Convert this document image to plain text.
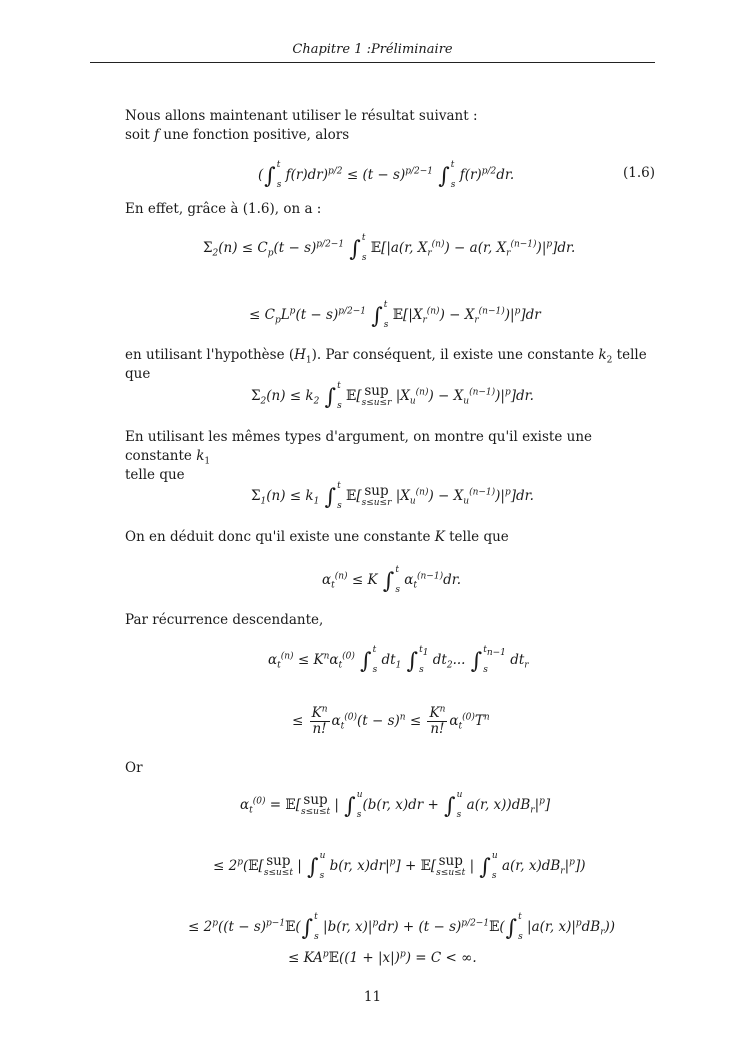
Chapitre 1 :Préliminaire
Nous allons maintenant utiliser le résultat suivant :
soit f une fonction positive, alors
(∫t

s $f(r)dr)^{p/2} \le (t - s)^{p/2-1}$ ∫t

s $f(r)^{p/2}dr$.	(1.6)
En effet, grâce à (1.6), on a :
$\Sigma_2(n) \le C_p(t - s)^{p/2-1}$ ∫t

s 𝔼[|a(r, $X_r^{(n)}) - a(r$, $X_r^{(n-1)})|^p]dr$.
≤ $C_pL^p(t - s)^{p/2-1}$ ∫t

s $𝔼[|X_r^{(n)}) - X_r^{(n-1)})|^p]dr$
en utilisant l'hypothèse $(H_1)$. Par conséquent, il existe une constante $k_2$ telle que
$\Sigma_2(n) \le k_2$ ∫t

s 𝔼[ sup
s≤u≤r $|X_u^{(n)}) - X_u^{(n-1)})|^p]dr$.
En utilisant les mêmes types d'argument, on montre qu'il existe une constante $k_1$
telle que
$\Sigma_1(n) \le k_1$ ∫t

s 𝔼[ sup
s≤u≤r $|X_u^{(n)}) - X_u^{(n-1)})|^p]dr$.
On en déduit donc qu'il existe une constante K telle que
$\alpha_t^{(n)} \le K$ ∫t

s $\alpha_t^{(n-1)}dr$.
Par récurrence descendante,
$\alpha_t^{(n)} \le K^n\alpha_t^{(0)}$ ∫t

s $dt_1$ $\int t_1$

s $dt_2$... $\int t_{n-1}$

s $dt_r$
≤ $\frac{K^n}{n!} \alpha_t^{(0)}(t - s)^n \le \frac{K^n}{n!} \alpha_t^{(0)}T^n$
Or
$\alpha_t^{(0)}$ = 𝔼[ sup
s≤u≤t | ∫u

s(b(r, x)dr + ∫u

s a(r, $x))dB_r|^p$]
≤ $2^p(𝔼$[ sup
s≤u≤t | ∫u

s b(r, $x)dr|^p$] + 𝔼[ sup
s≤u≤t | ∫u

s a(r, $x)dB_r|^p$])
≤ $2^p((t$ − $s)^{p-1}𝔼(\int t$

s |b(r, $x)|^pdr) + (t$ − $s)^{p/2-1}𝔼(\int t$

s |a(r, $x)|^pdB_r$))
≤ $KA^p𝔼((1 + |x|)^p) = C$ < ∞.
11
